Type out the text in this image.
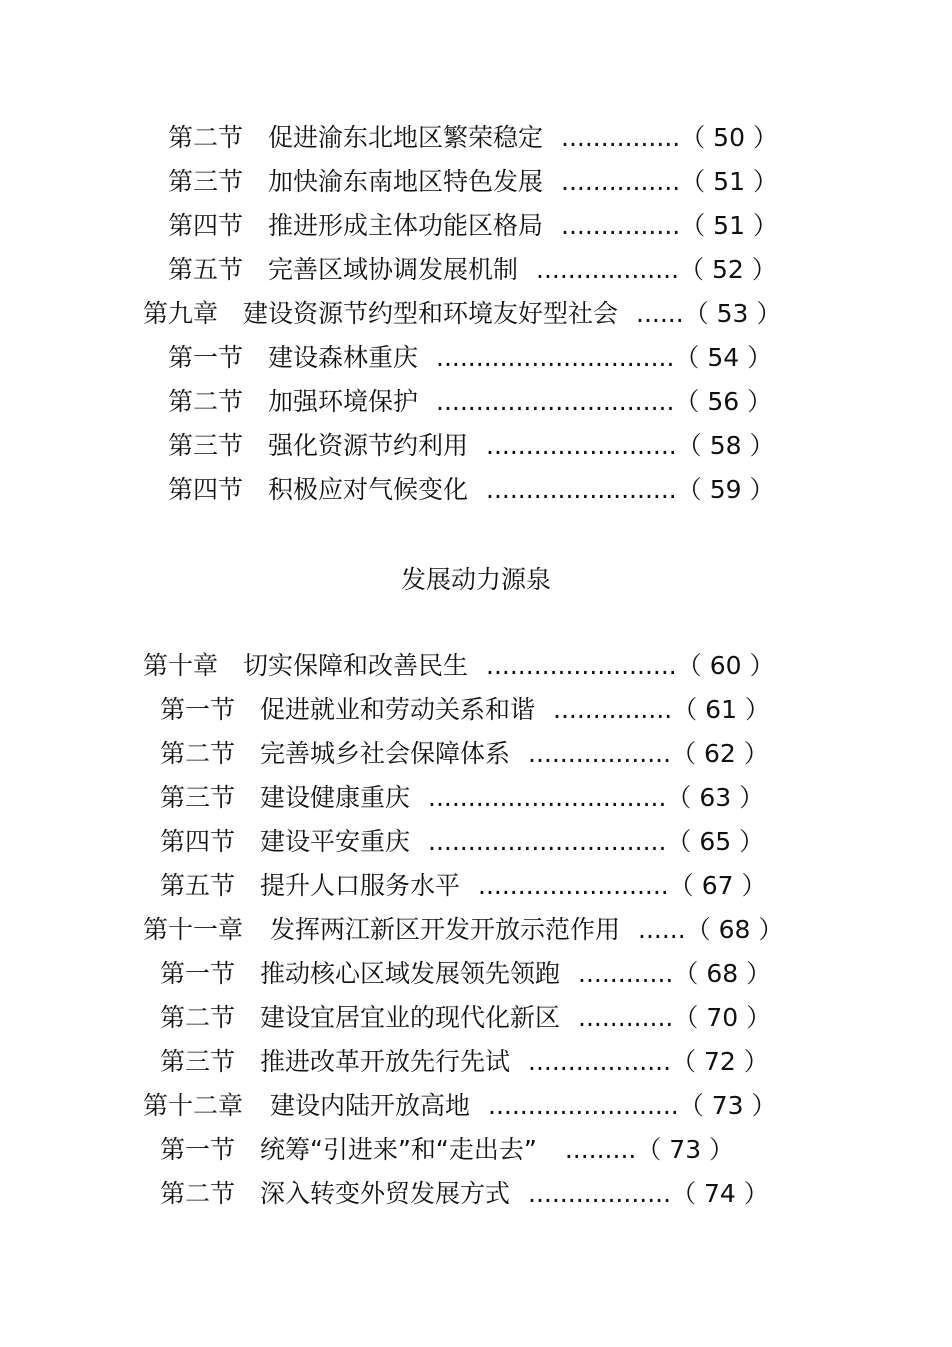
第二节 促进渝东北地区繁荣稳定 ...............（ 50 ）
第三节 加快渝东南地区特色发展 ...............（ 51 ）
第四节 推进形成主体功能区格局 ...............（ 51 ）
第五节 完善区域协调发展机制 ..................（ 52 ）
第九章 建设资源节约型和环境友好型社会 ......（ 53 ）
第一节 建设森林重庆 ..............................（ 54 ）
第二节 加强环境保护 ..............................（ 56 ）
第三节 强化资源节约利用 ........................（ 58 ）
第四节 积极应对气候变化 ........................（ 59 ）
发展动力源泉
第十章 切实保障和改善民生 ........................（ 60 ）
第一节 促进就业和劳动关系和谐 ...............（ 61 ）
第二节 完善城乡社会保障体系 ..................（ 62 ）
第三节 建设健康重庆 ..............................（ 63 ）
第四节 建设平安重庆 ..............................（ 65 ）
第五节 提升人口服务水平 ........................（ 67 ）
第十一章 发挥两江新区开发开放示范作用 ......（ 68 ）
第一节 推动核心区域发展领先领跑 ............（ 68 ）
第二节 建设宜居宜业的现代化新区 ............（ 70 ）
第三节 推进改革开放先行先试 ..................（ 72 ）
第十二章 建设内陆开放高地 ........................（ 73 ）
第一节 统筹“引进来”和“走出去” .........（ 73 ）
第二节 深入转变外贸发展方式 ..................（ 74 ）
